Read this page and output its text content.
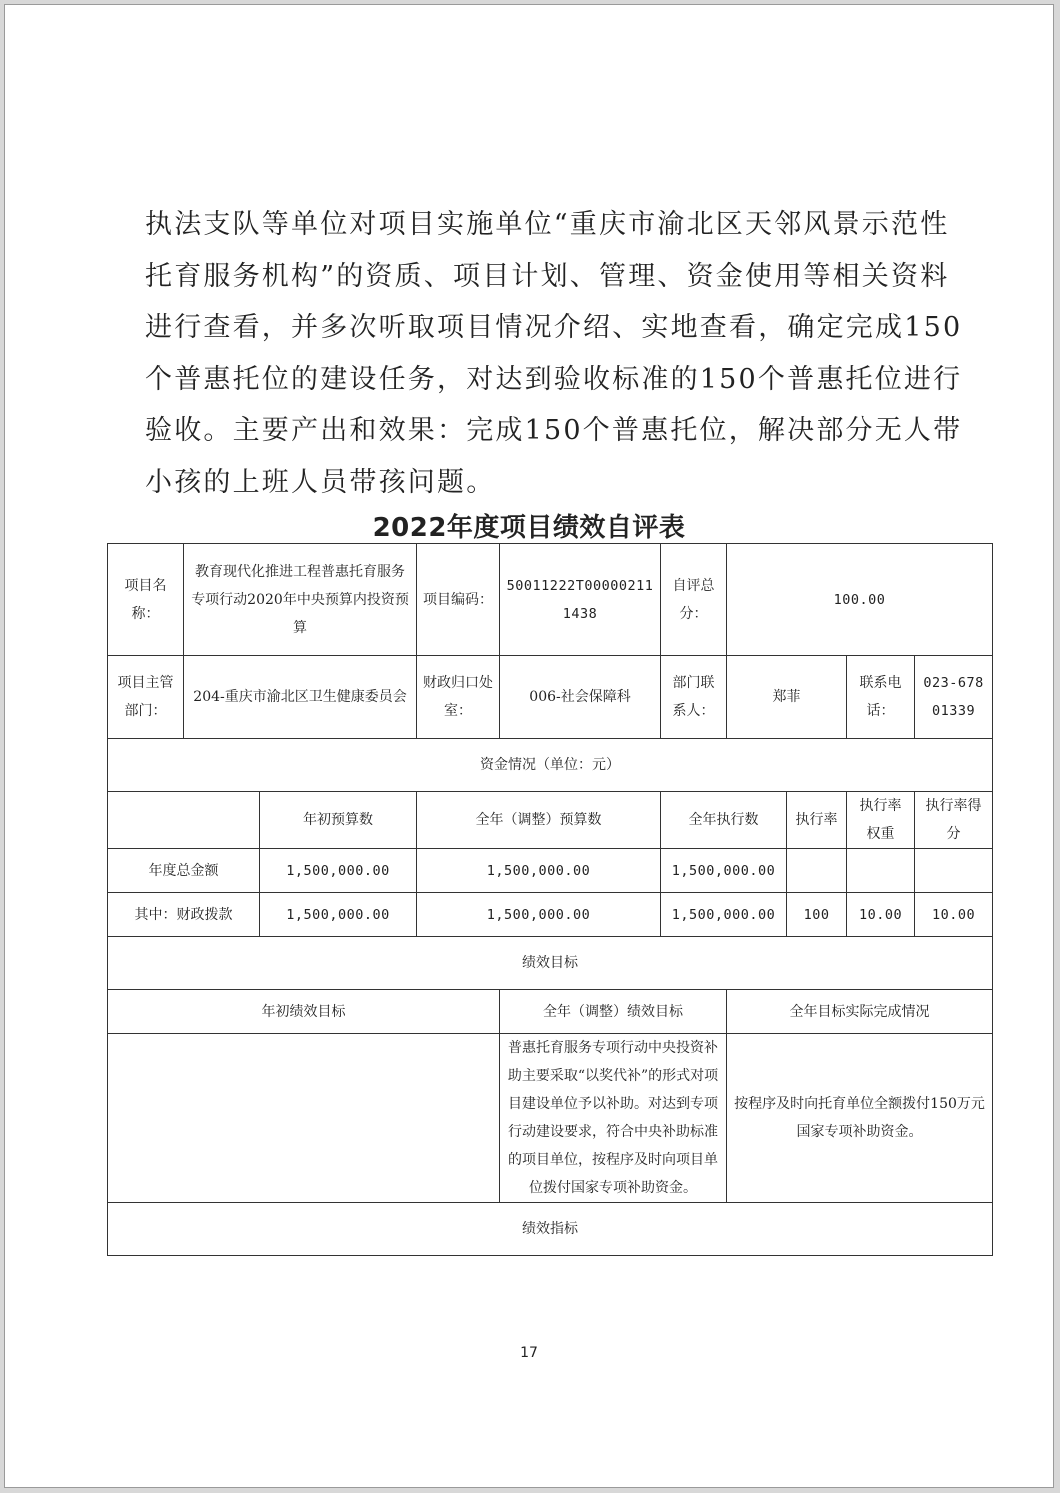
执法支队等单位对项目实施单位“重庆市渝北区天邻风景示范性
托育服务机构”的资质、项目计划、管理、资金使用等相关资料
进行查看，并多次听取项目情况介绍、实地查看，确定完成150
个普惠托位的建设任务，对达到验收标准的150个普惠托位进行
验收。主要产出和效果：完成150个普惠托位，解决部分无人带
小孩的上班人员带孩问题。
2022年度项目绩效自评表
项目名称：	教育现代化推进工程普惠托育服务专项行动2020年中央预算内投资预算		项目编码：	50011222T000002111438	自评总分：	100.00			
项目主管部门：	204-重庆市渝北区卫生健康委员会		财政归口处室：	006-社会保障科	部门联系人：	郑菲		联系电话：	023-67801339
资金情况（单位：元）									
		年初预算数	全年（调整）预算数		全年执行数		执行率	执行率权重	执行率得分
年度总金额		1,500,000.00	1,500,000.00		1,500,000.00				
其中：财政拨款		1,500,000.00	1,500,000.00		1,500,000.00		100	10.00	10.00
绩效目标									
年初绩效目标				全年（调整）绩效目标		全年目标实际完成情况			
				普惠托育服务专项行动中央投资补助主要采取“以奖代补”的形式对项目建设单位予以补助。对达到专项行动建设要求，符合中央补助标准的项目单位，按程序及时向项目单位拨付国家专项补助资金。		按程序及时向托育单位全额拨付150万元国家专项补助资金。			
绩效指标									
17
